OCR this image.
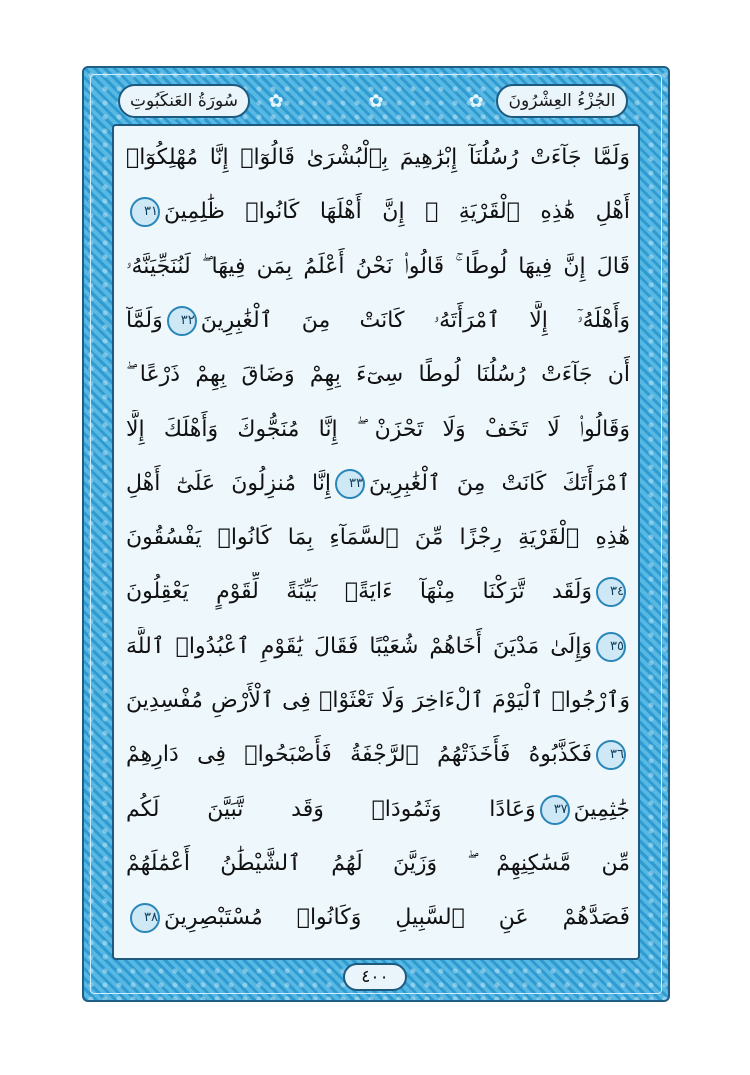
الجُزْءُ العِشْرُونَ
سُورَةُ العَنكَبُوتِ	✿
✿	✿
وَلَمَّا جَآءَتْ رُسُلُنَآ إِبْرَٰهِيمَ بِٱلْبُشْرَىٰ قَالُوٓا۟ إِنَّا مُهْلِكُوٓا۟
أَهْلِ هَٰذِهِ ٱلْقَرْيَةِ ۖ إِنَّ أَهْلَهَا كَانُوا۟ ظَٰلِمِينَ٣١
قَالَ إِنَّ فِيهَا لُوطًا ۚ قَالُوا۟ نَحْنُ أَعْلَمُ بِمَن فِيهَا ۖ لَنُنَجِّيَنَّهُۥ
وَأَهْلَهُۥٓ إِلَّا ٱمْرَأَتَهُۥ كَانَتْ مِنَ ٱلْغَٰبِرِينَ٣٢وَلَمَّآ
أَن جَآءَتْ رُسُلُنَا لُوطًا سِىٓءَ بِهِمْ وَضَاقَ بِهِمْ ذَرْعًا ۖ
وَقَالُوا۟ لَا تَخَفْ وَلَا تَحْزَنْ ۖ إِنَّا مُنَجُّوكَ وَأَهْلَكَ إِلَّا
ٱمْرَأَتَكَ كَانَتْ مِنَ ٱلْغَٰبِرِينَ٣٣إِنَّا مُنزِلُونَ عَلَىٰٓ أَهْلِ
هَٰذِهِ ٱلْقَرْيَةِ رِجْزًا مِّنَ ٱلسَّمَآءِ بِمَا كَانُوا۟ يَفْسُقُونَ
٣٤وَلَقَد تَّرَكْنَا مِنْهَآ ءَايَةًۢ بَيِّنَةً لِّقَوْمٍ يَعْقِلُونَ
٣٥وَإِلَىٰ مَدْيَنَ أَخَاهُمْ شُعَيْبًا فَقَالَ يَٰقَوْمِ ٱعْبُدُوا۟ ٱللَّهَ
وَٱرْجُوا۟ ٱلْيَوْمَ ٱلْءَاخِرَ وَلَا تَعْثَوْا۟ فِى ٱلْأَرْضِ مُفْسِدِينَ
٣٦فَكَذَّبُوهُ فَأَخَذَتْهُمُ ٱلرَّجْفَةُ فَأَصْبَحُوا۟ فِى دَارِهِمْ
جَٰثِمِينَ٣٧وَعَادًا وَثَمُودَا۟ وَقَد تَّبَيَّنَ لَكُم
مِّن مَّسَٰكِنِهِمْ ۖ وَزَيَّنَ لَهُمُ ٱلشَّيْطَٰنُ أَعْمَٰلَهُمْ
فَصَدَّهُمْ عَنِ ٱلسَّبِيلِ وَكَانُوا۟ مُسْتَبْصِرِينَ٣٨
٤٠٠
